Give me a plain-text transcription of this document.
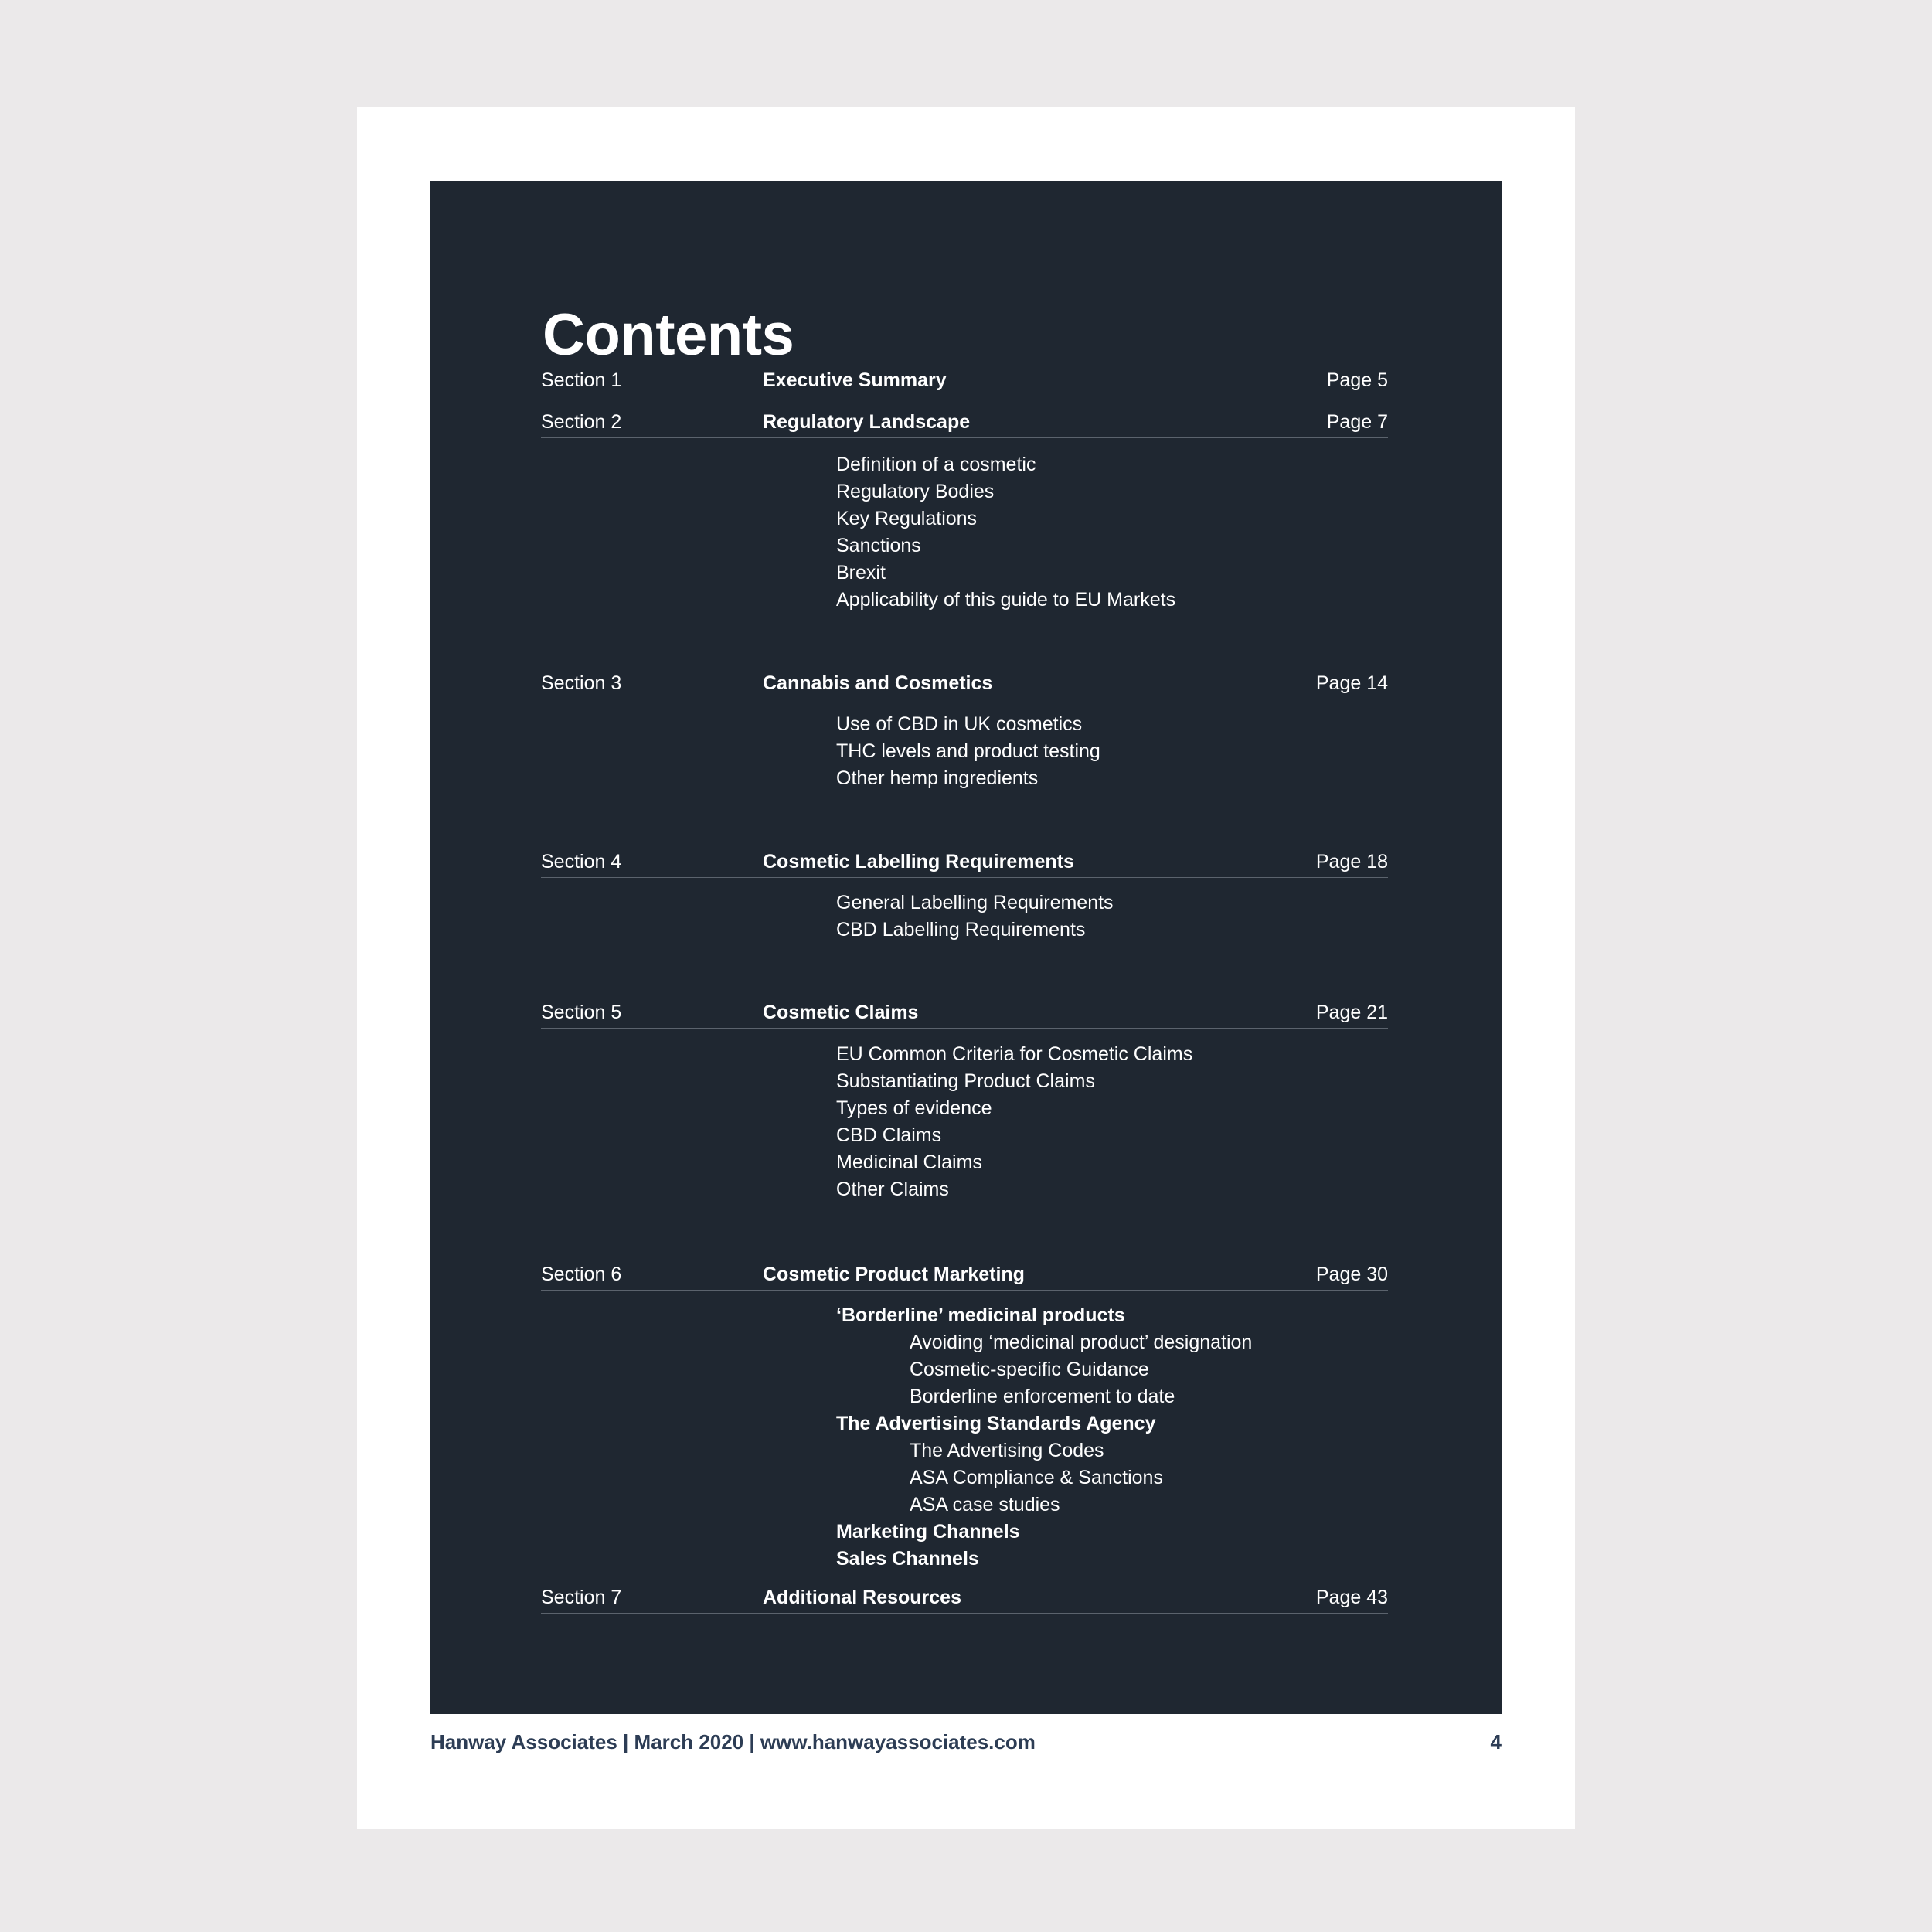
Contents
Section 1	Executive Summary	Page 5
Section 2	Regulatory Landscape	Page 7
Definition of a cosmetic
Regulatory Bodies
Key Regulations
Sanctions
Brexit
Applicability of this guide to EU Markets
Section 3	Cannabis and Cosmetics	Page 14
Use of CBD in UK cosmetics
THC levels and product testing
Other hemp ingredients
Section 4	Cosmetic Labelling Requirements	Page 18
General Labelling Requirements
CBD Labelling Requirements
Section 5	Cosmetic Claims	Page 21
EU Common Criteria for Cosmetic Claims
Substantiating Product Claims
Types of evidence
CBD Claims
Medicinal Claims
Other Claims
Section 6	Cosmetic Product Marketing	Page 30
‘Borderline’ medicinal products
Avoiding ‘medicinal product’ designation
Cosmetic-specific Guidance
Borderline enforcement to date
The Advertising Standards Agency
The Advertising Codes
ASA Compliance & Sanctions
ASA case studies
Marketing Channels
Sales Channels
Section 7	Additional Resources	Page 43
Hanway Associates | March 2020 | www.hanwayassociates.com	4
